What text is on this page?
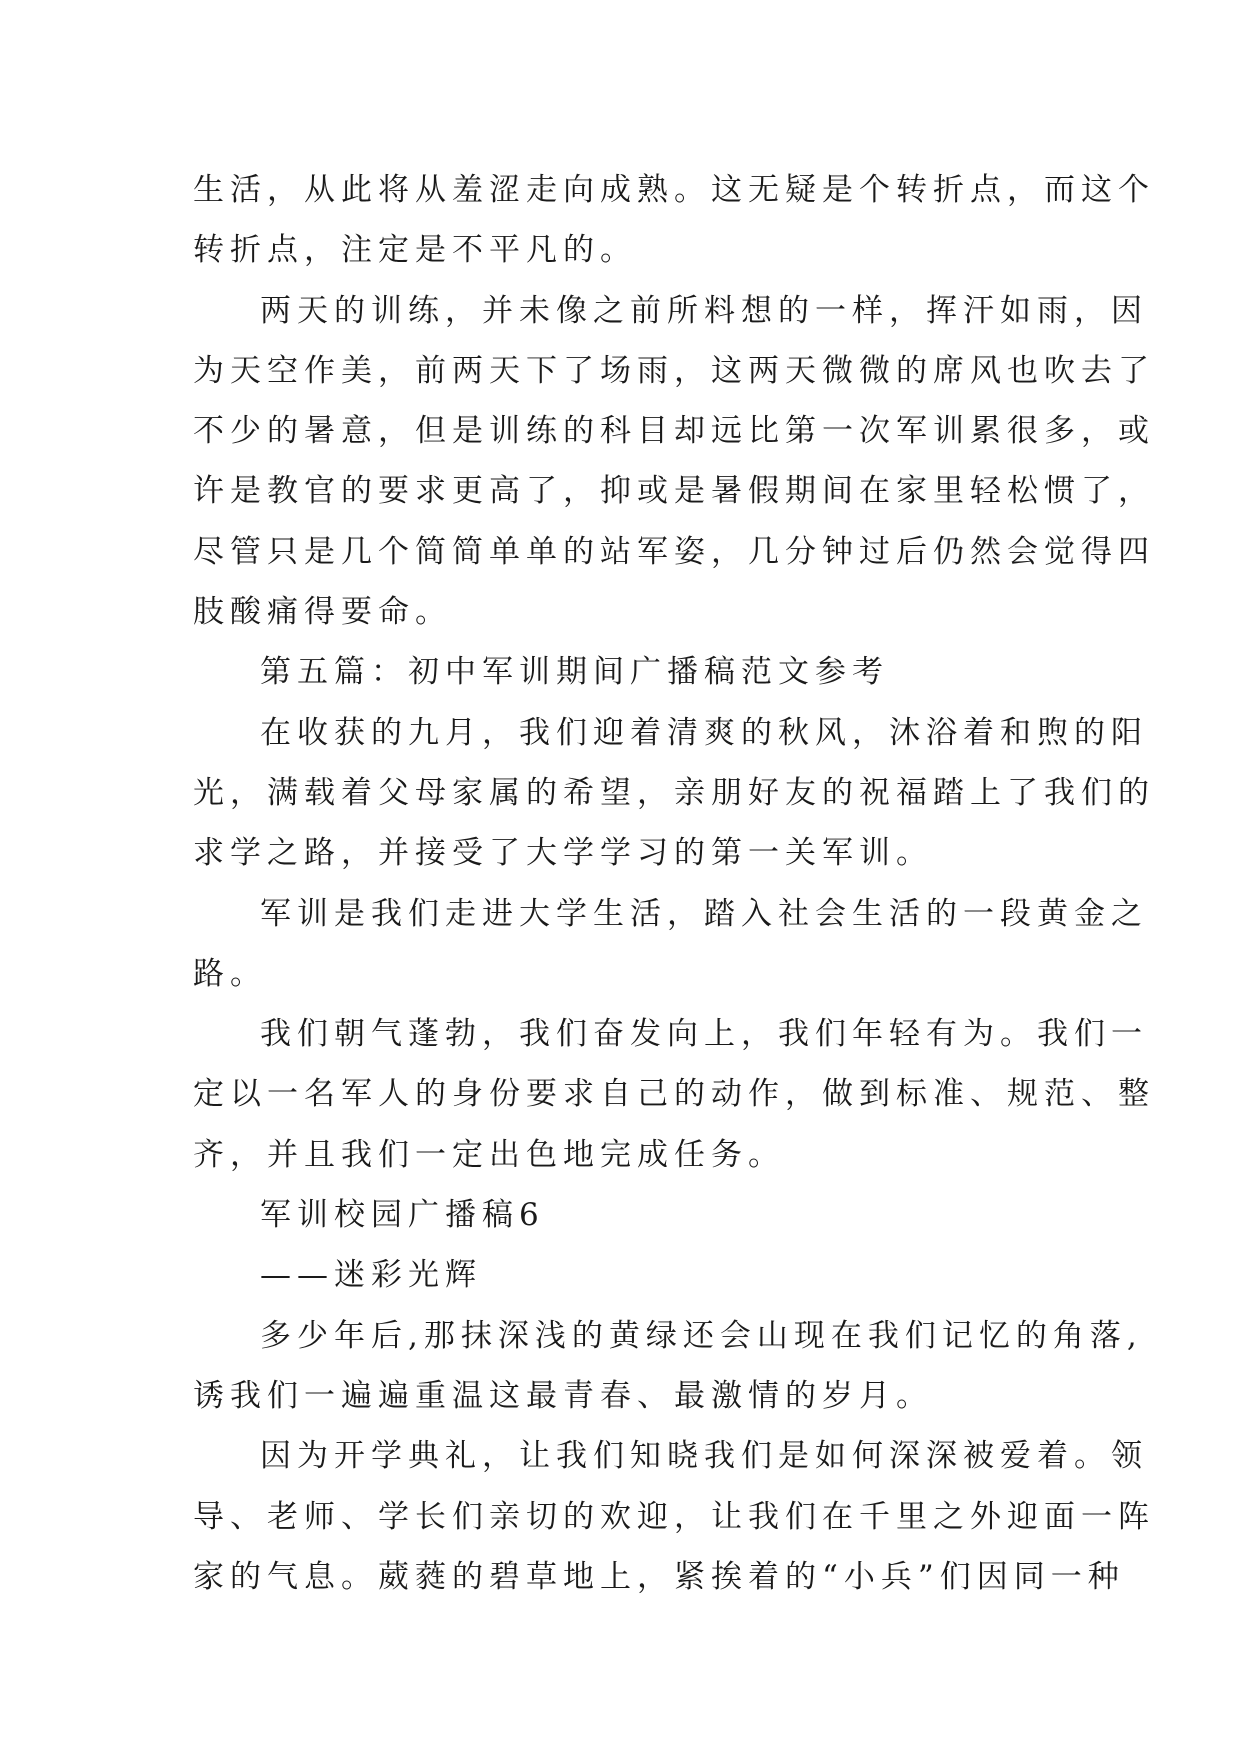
生活，从此将从羞涩走向成熟。这无疑是个转折点，而这个
转折点，注定是不平凡的。

两天的训练，并未像之前所料想的一样，挥汗如雨，因
为天空作美，前两天下了场雨，这两天微微的席风也吹去了
不少的暑意，但是训练的科目却远比第一次军训累很多，或
许是教官的要求更高了，抑或是暑假期间在家里轻松惯了，
尽管只是几个简简单单的站军姿，几分钟过后仍然会觉得四
肢酸痛得要命。

第五篇：初中军训期间广播稿范文参考

在收获的九月，我们迎着清爽的秋风，沐浴着和煦的阳
光，满载着父母家属的希望，亲朋好友的祝福踏上了我们的
求学之路，并接受了大学学习的第一关军训。

军训是我们走进大学生活，踏入社会生活的一段黄金之
路。

我们朝气蓬勃，我们奋发向上，我们年轻有为。我们一
定以一名军人的身份要求自己的动作，做到标准、规范、整
齐，并且我们一定出色地完成任务。

军训校园广播稿6

——迷彩光辉

多少年后,那抹深浅的黄绿还会山现在我们记忆的角落,
诱我们一遍遍重温这最青春、最激情的岁月。

因为开学典礼，让我们知晓我们是如何深深被爱着。领
导、老师、学长们亲切的欢迎，让我们在千里之外迎面一阵
家的气息。葳蕤的碧草地上，紧挨着的“小兵”们因同一种
